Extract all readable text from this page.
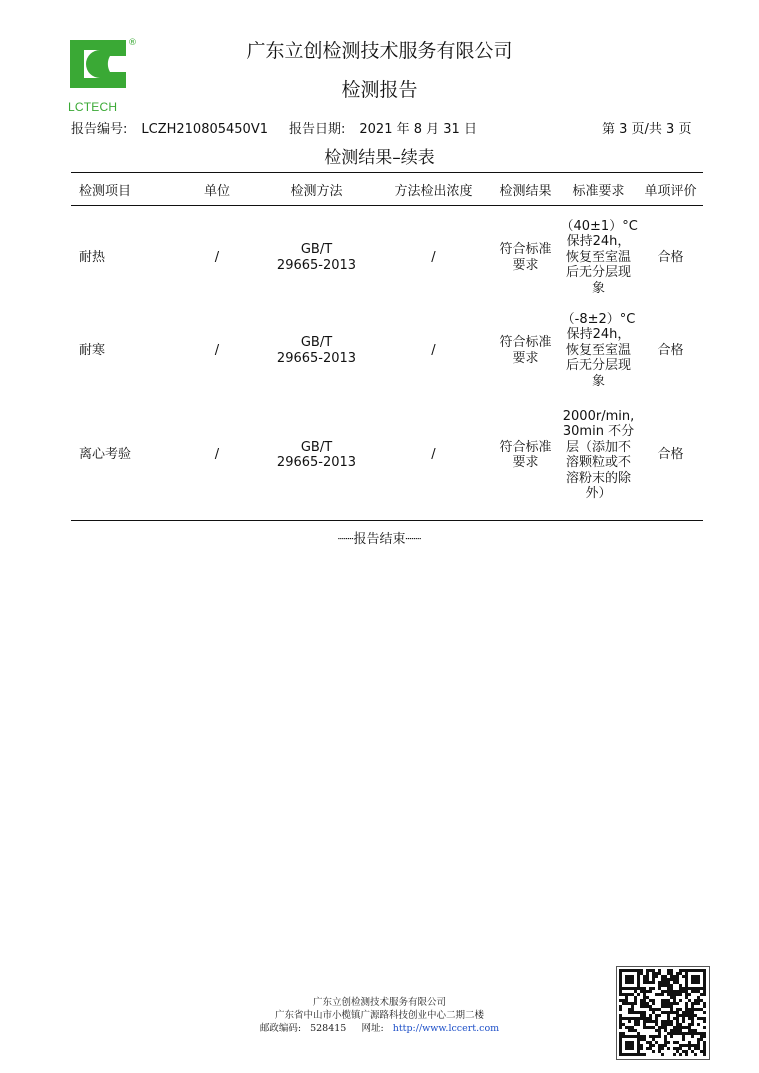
®
LCTECH
广东立创检测技术服务有限公司
检测报告
报告编号: LCZH210805450V1 报告日期: 2021 年 8 月 31 日	第 3 页/共 3 页
检测结果–续表
检测项目	单位	检测方法	方法检出浓度	检测结果	标准要求	单项评价
耐热	/	GB/T 29665-2013	/	符合标准要求	（40±1）°C保持24h，恢复至室温后无分层现象	合格
耐寒	/	GB/T 29665-2013	/	符合标准要求	（-8±2）°C保持24h，恢复至室温后无分层现象	合格
离心考验	/	GB/T 29665-2013	/	符合标准要求	2000r/min, 30min 不分层（添加不溶颗粒或不溶粉末的除外）	合格
┈┈报告结束┈┈
广东立创检测技术服务有限公司
广东省中山市小榄镇广源路科技创业中心二期二楼
邮政编码: 528415 网址: http://www.lccert.com
